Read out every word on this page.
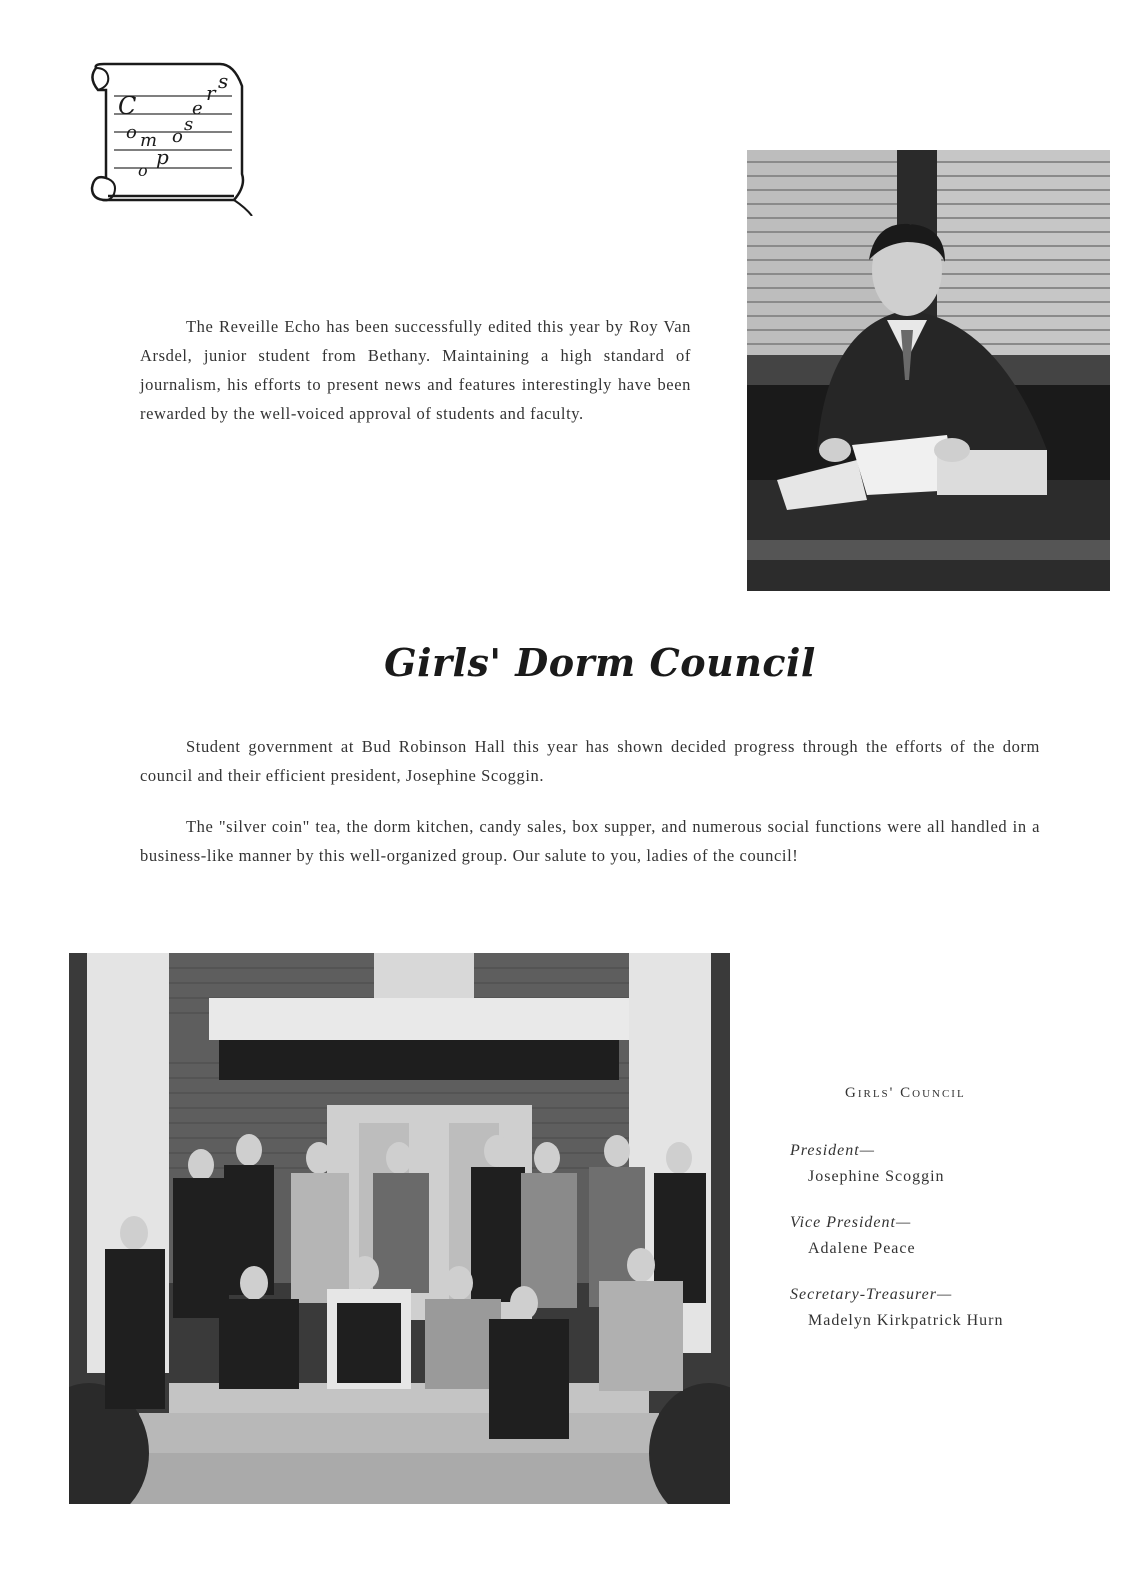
C
o m
p
o
s
e
r s
o

The Reveille Echo has been successfully edited this year by Roy Van Arsdel, junior student from Bethany. Maintaining a high standard of journalism, his efforts to present news and features interestingly have been rewarded by the well-voiced approval of students and faculty.

Girls' Dorm Council

Student government at Bud Robinson Hall this year has shown decided progress through the efforts of the dorm council and their efficient president, Josephine Scoggin.

The "silver coin" tea, the dorm kitchen, candy sales, box supper, and numerous social functions were all handled in a business-like manner by this well-organized group. Our salute to you, ladies of the council!

Girls' Council

President—

Josephine Scoggin

Vice President—

Adalene Peace

Secretary-Treasurer—

Madelyn Kirkpatrick Hurn
